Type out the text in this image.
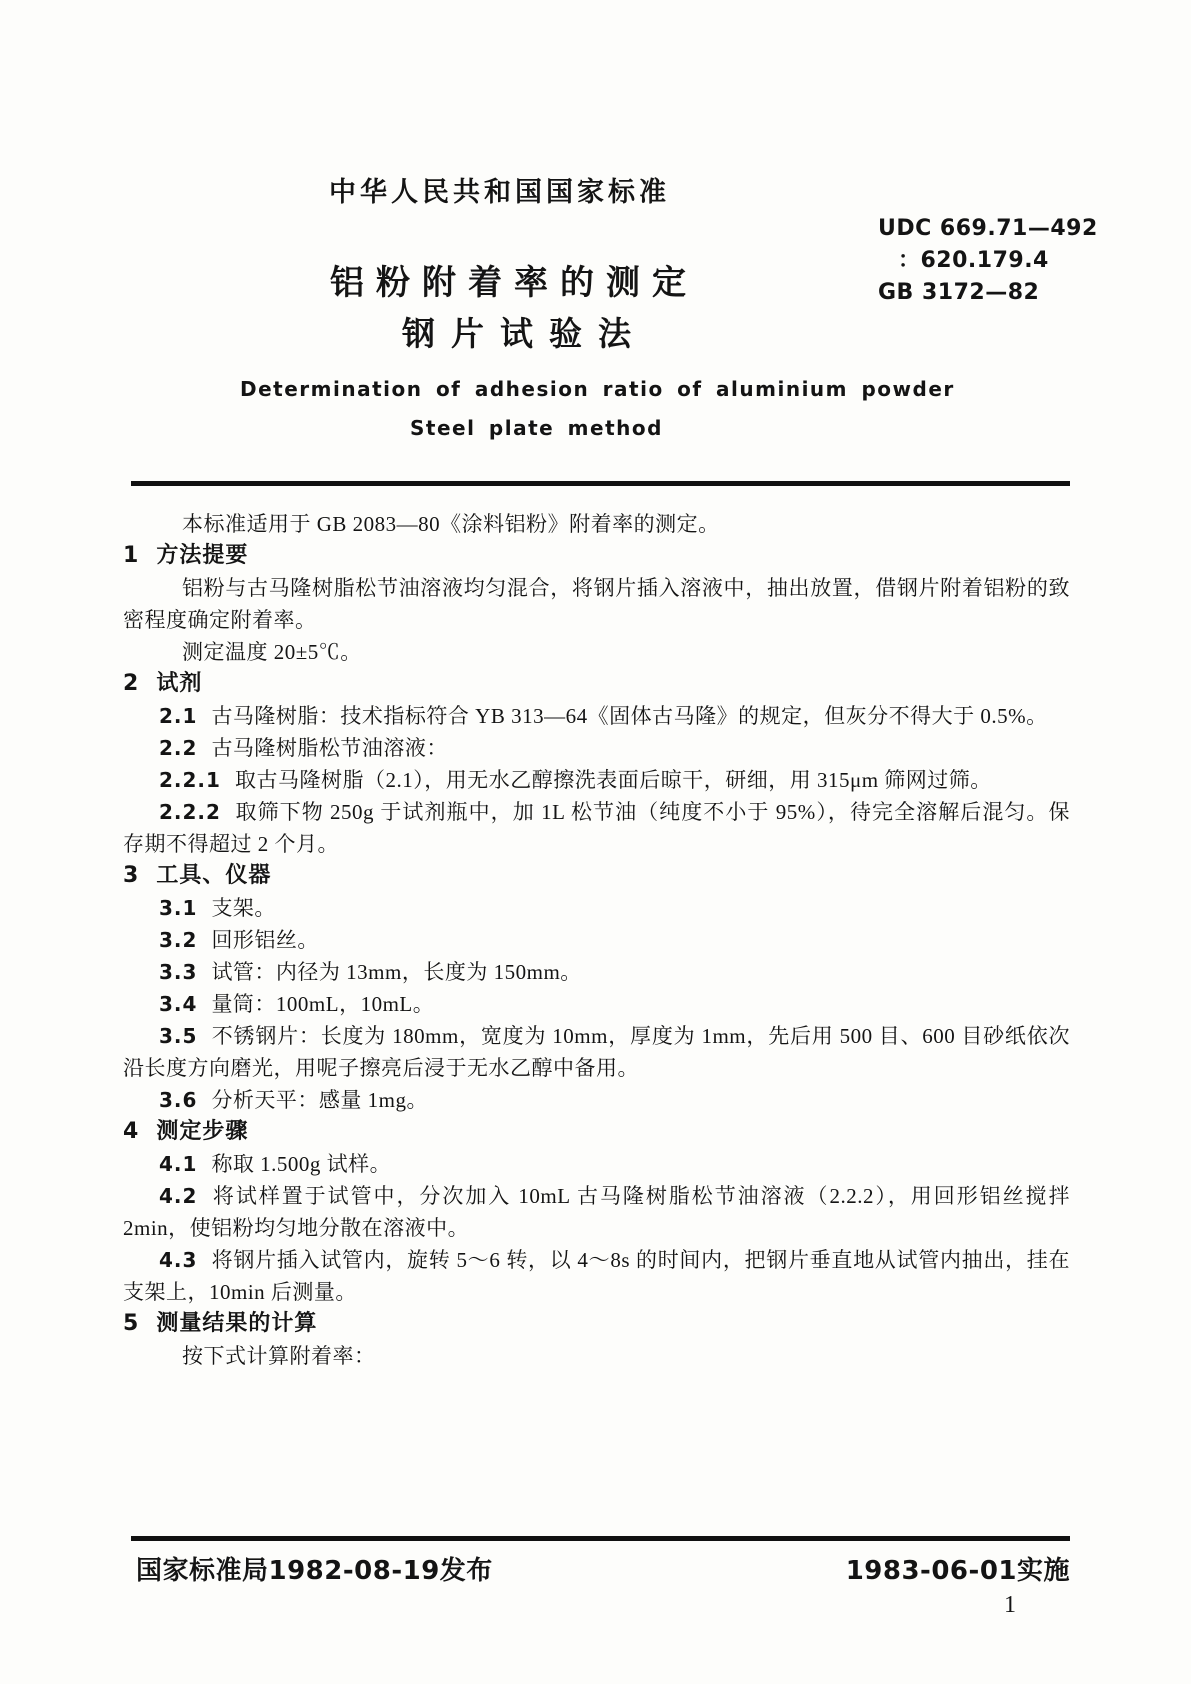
中华人民共和国国家标准
UDC 669.71—492
：620.179.4
GB 3172—82
铝粉附着率的测定
钢片试验法
Determination of adhesion ratio of aluminium powder
Steel plate method

本标准适用于 GB 2083—80《涂料铝粉》附着率的测定。

1 方法提要

铝粉与古马隆树脂松节油溶液均匀混合，将钢片插入溶液中，抽出放置，借钢片附着铝粉的致密程度确定附着率。

测定温度 20±5℃。

2 试剂

2.1 古马隆树脂：技术指标符合 YB 313—64《固体古马隆》的规定，但灰分不得大于 0.5%。

2.2 古马隆树脂松节油溶液：

2.2.1 取古马隆树脂（2.1），用无水乙醇擦洗表面后晾干，研细，用 315μm 筛网过筛。

2.2.2 取筛下物 250g 于试剂瓶中，加 1L 松节油（纯度不小于 95%），待完全溶解后混匀。保存期不得超过 2 个月。

3 工具、仪器

3.1 支架。

3.2 回形铝丝。

3.3 试管：内径为 13mm，长度为 150mm。

3.4 量筒：100mL，10mL。

3.5 不锈钢片：长度为 180mm，宽度为 10mm，厚度为 1mm，先后用 500 目、600 目砂纸依次沿长度方向磨光，用呢子擦亮后浸于无水乙醇中备用。

3.6 分析天平：感量 1mg。

4 测定步骤

4.1 称取 1.500g 试样。

4.2 将试样置于试管中，分次加入 10mL 古马隆树脂松节油溶液（2.2.2），用回形铝丝搅拌 2min，使铝粉均匀地分散在溶液中。

4.3 将钢片插入试管内，旋转 5～6 转，以 4～8s 的时间内，把钢片垂直地从试管内抽出，挂在支架上，10min 后测量。

5 测量结果的计算

按下式计算附着率：

国家标准局1982-08-19发布	1983-06-01实施
1
